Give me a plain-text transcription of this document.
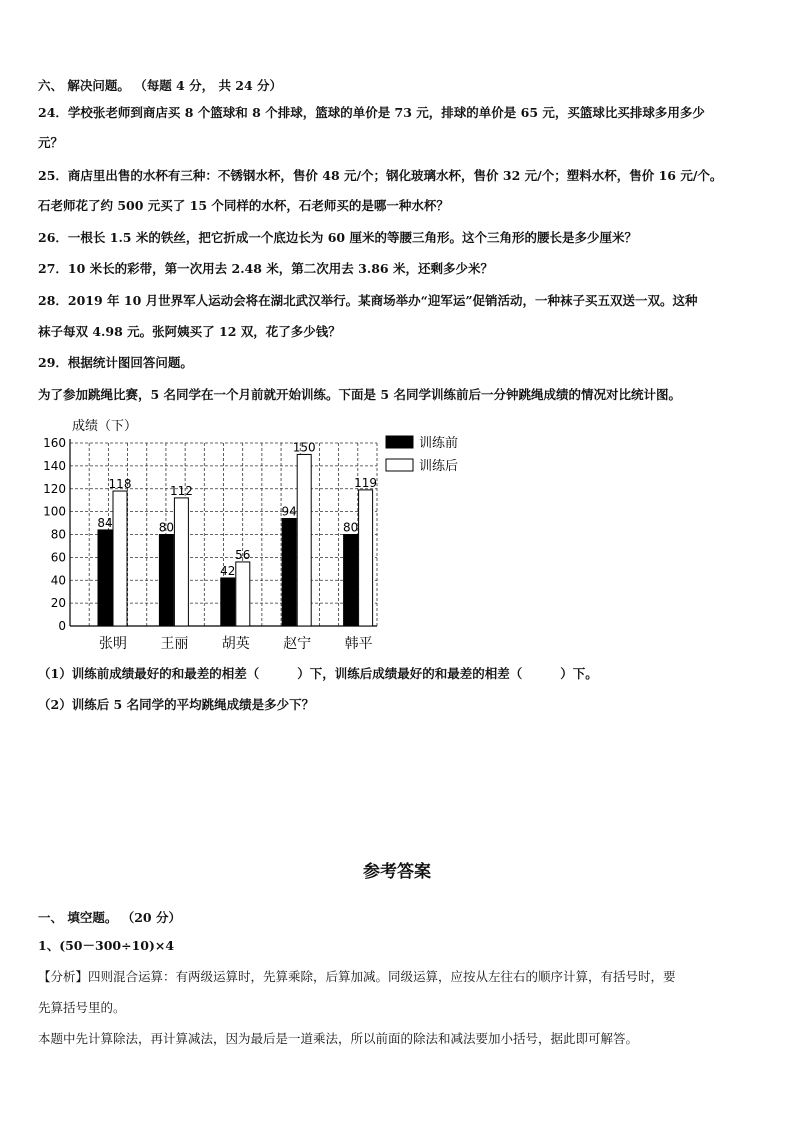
六、 解决问题。 （每题 4 分， 共 24 分）
24．学校张老师到商店买 8 个篮球和 8 个排球，篮球的单价是 73 元，排球的单价是 65 元，买篮球比买排球多用多少
元？
25．商店里出售的水杯有三种：不锈钢水杯，售价 48 元/个；钢化玻璃水杯，售价 32 元/个；塑料水杯，售价 16 元/个。
石老师花了约 500 元买了 15 个同样的水杯，石老师买的是哪一种水杯？
26．一根长 1.5 米的铁丝，把它折成一个底边长为 60 厘米的等腰三角形。这个三角形的腰长是多少厘米？
27．10 米长的彩带，第一次用去 2.48 米，第二次用去 3.86 米，还剩多少米？
28．2019 年 10 月世界军人运动会将在湖北武汉举行。某商场举办“迎军运”促销活动，一种袜子买五双送一双。这种
袜子每双 4.98 元。张阿姨买了 12 双，花了多少钱？
29．根据统计图回答问题。
为了参加跳绳比赛，5 名同学在一个月前就开始训练。下面是 5 名同学训练前后一分钟跳绳成绩的情况对比统计图。
成绩（下）
0
20
40
60
80
100
120
140
160
84
118
张明
80
112
王丽
42
56
胡英
94
150
赵宁
80
119
韩平
训练前
训练后
（1）训练前成绩最好的和最差的相差（	）下，训练后成绩最好的和最差的相差（	）下。
（2）训练后 5 名同学的平均跳绳成绩是多少下？
参考答案
一、 填空题。 （20 分）
1、(50－300÷10)×4
【分析】四则混合运算：有两级运算时，先算乘除，后算加减。同级运算，应按从左往右的顺序计算，有括号时，要
先算括号里的。
本题中先计算除法，再计算减法，因为最后是一道乘法，所以前面的除法和减法要加小括号，据此即可解答。
